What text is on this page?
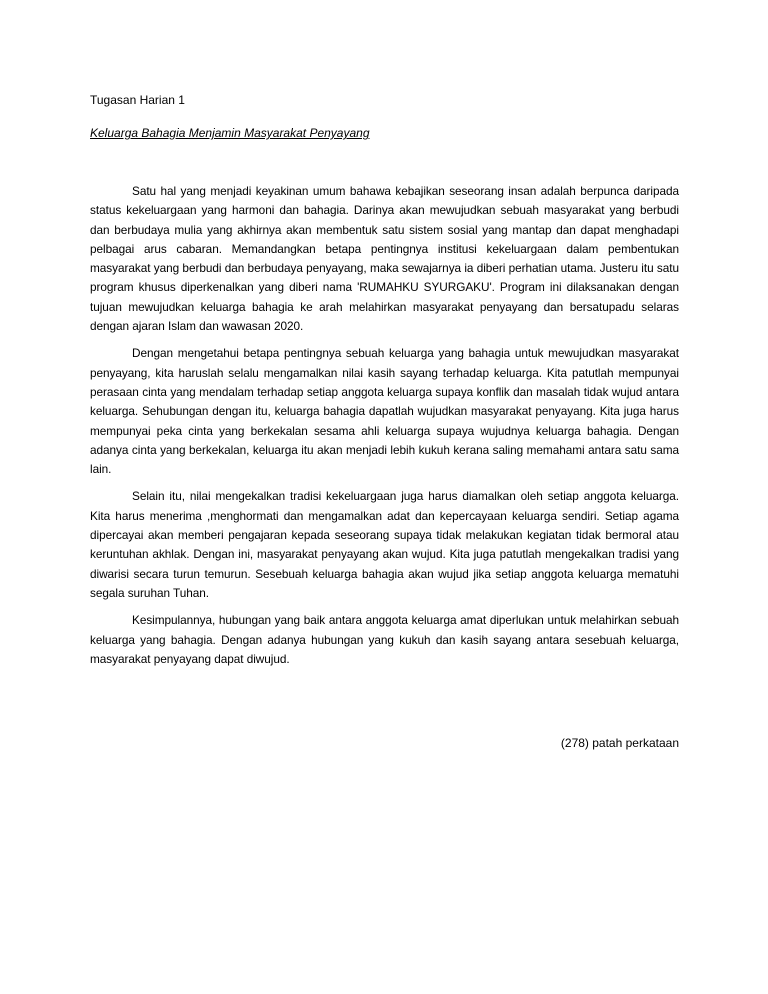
Tugasan Harian 1

Keluarga Bahagia Menjamin Masyarakat Penyayang

Satu hal yang menjadi keyakinan umum bahawa kebajikan seseorang insan adalah berpunca daripada status kekeluargaan yang harmoni dan bahagia. Darinya akan mewujudkan sebuah masyarakat yang berbudi dan berbudaya mulia yang akhirnya akan membentuk satu sistem sosial yang mantap dan dapat menghadapi pelbagai arus cabaran. Memandangkan betapa pentingnya institusi kekeluargaan dalam pembentukan masyarakat yang berbudi dan berbudaya penyayang, maka sewajarnya ia diberi perhatian utama. Justeru itu satu program khusus diperkenalkan yang diberi nama 'RUMAHKU SYURGAKU'. Program ini dilaksanakan dengan tujuan mewujudkan keluarga bahagia ke arah melahirkan masyarakat penyayang dan bersatupadu selaras dengan ajaran Islam dan wawasan 2020.

Dengan mengetahui betapa pentingnya sebuah keluarga yang bahagia untuk mewujudkan masyarakat penyayang, kita haruslah selalu mengamalkan nilai kasih sayang terhadap keluarga. Kita patutlah mempunyai perasaan cinta yang mendalam terhadap setiap anggota keluarga supaya konflik dan masalah tidak wujud antara keluarga. Sehubungan dengan itu, keluarga bahagia dapatlah wujudkan masyarakat penyayang. Kita juga harus mempunyai peka cinta yang berkekalan sesama ahli keluarga supaya wujudnya keluarga bahagia. Dengan adanya cinta yang berkekalan, keluarga itu akan menjadi lebih kukuh kerana saling memahami antara satu sama lain.

Selain itu, nilai mengekalkan tradisi kekeluargaan juga harus diamalkan oleh setiap anggota keluarga. Kita harus menerima ,menghormati dan mengamalkan adat dan kepercayaan keluarga sendiri. Setiap agama dipercayai akan memberi pengajaran kepada seseorang supaya tidak melakukan kegiatan tidak bermoral atau keruntuhan akhlak. Dengan ini, masyarakat penyayang akan wujud. Kita juga patutlah mengekalkan tradisi yang diwarisi secara turun temurun. Sesebuah keluarga bahagia akan wujud jika setiap anggota keluarga mematuhi segala suruhan Tuhan.

Kesimpulannya, hubungan yang baik antara anggota keluarga amat diperlukan untuk melahirkan sebuah keluarga yang bahagia. Dengan adanya hubungan yang kukuh dan kasih sayang antara sesebuah keluarga, masyarakat penyayang dapat diwujud.

(278) patah perkataan
